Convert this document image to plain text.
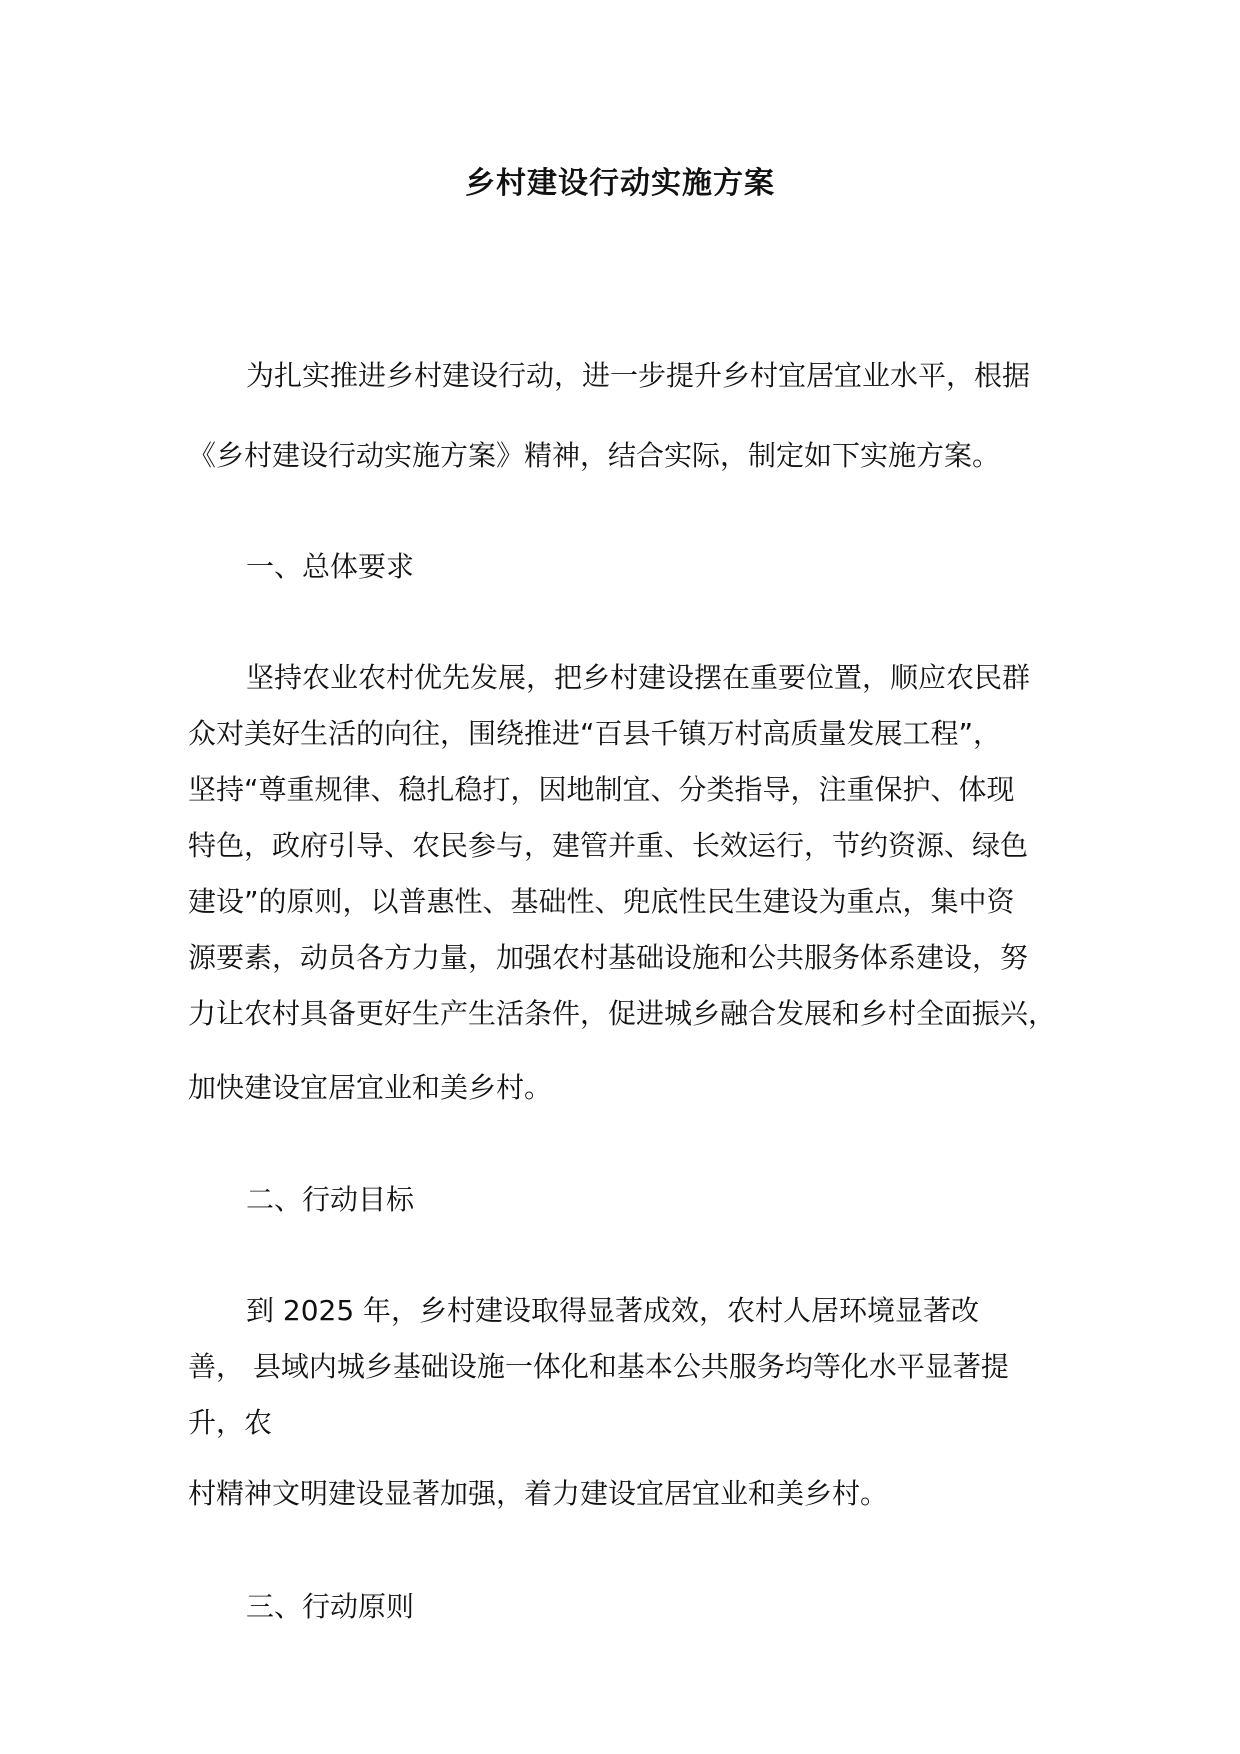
乡村建设行动实施方案
为扎实推进乡村建设行动，进一步提升乡村宜居宜业水平，根据
《乡村建设行动实施方案》精神，结合实际，制定如下实施方案。
一、总体要求
坚持农业农村优先发展，把乡村建设摆在重要位置，顺应农民群
众对美好生活的向往，围绕推进“百县千镇万村高质量发展工程”，
坚持“尊重规律、稳扎稳打，因地制宜、分类指导，注重保护、体现
特色，政府引导、农民参与，建管并重、长效运行，节约资源、绿色
建设”的原则，以普惠性、基础性、兜底性民生建设为重点，集中资
源要素，动员各方力量，加强农村基础设施和公共服务体系建设，努
力让农村具备更好生产生活条件，促进城乡融合发展和乡村全面振兴，
加快建设宜居宜业和美乡村。
二、行动目标
到 2025 年，乡村建设取得显著成效，农村人居环境显著改
善， 县域内城乡基础设施一体化和基本公共服务均等化水平显著提
升，农
村精神文明建设显著加强，着力建设宜居宜业和美乡村。
三、行动原则
